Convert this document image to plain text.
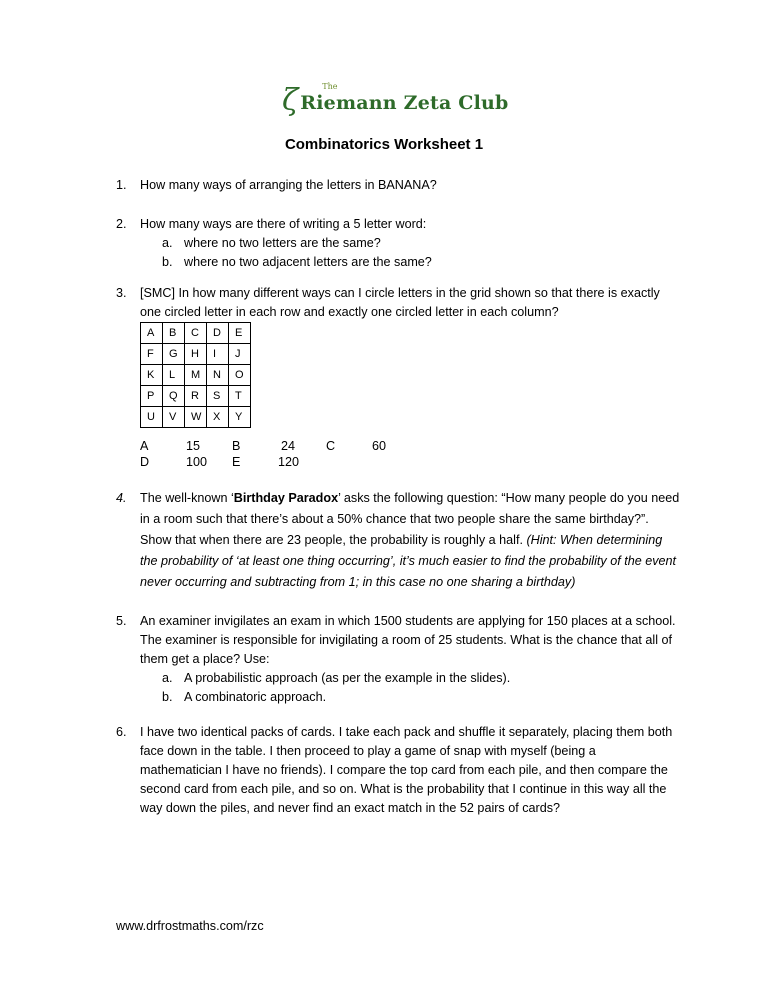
ζ	The
Riemann Zeta Club
Combinatorics Worksheet 1
1. How many ways of arranging the letters in BANANA?
2. How many ways are there of writing a 5 letter word:
a. where no two letters are the same?
b. where no two adjacent letters are the same?
3. [SMC] In how many different ways can I circle letters in the grid shown so that there is exactly one circled letter in each row and exactly one circled letter in each column?
A	B	C	D	E
F	G	H	I	J
K	L	M	N	O
P	Q	R	S	T
U	V	W	X	Y
A	15	B	24 C	60
D	100 E	120
4. The well-known ‘Birthday Paradox’ asks the following question: “How many people do you need in a room such that there’s about a 50% chance that two people share the same birthday?”. Show that when there are 23 people, the probability is roughly a half. (Hint: When determining the probability of ‘at least one thing occurring’, it’s much easier to find the probability of the event never occurring and subtracting from 1; in this case no one sharing a birthday)
5. An examiner invigilates an exam in which 1500 students are applying for 150 places at a school. The examiner is responsible for invigilating a room of 25 students. What is the chance that all of them get a place? Use:
a. A probabilistic approach (as per the example in the slides).
b. A combinatoric approach.
6. I have two identical packs of cards. I take each pack and shuffle it separately, placing them both face down in the table. I then proceed to play a game of snap with myself (being a mathematician I have no friends). I compare the top card from each pile, and then compare the second card from each pile, and so on. What is the probability that I continue in this way all the way down the piles, and never find an exact match in the 52 pairs of cards?
www.drfrostmaths.com/rzc
